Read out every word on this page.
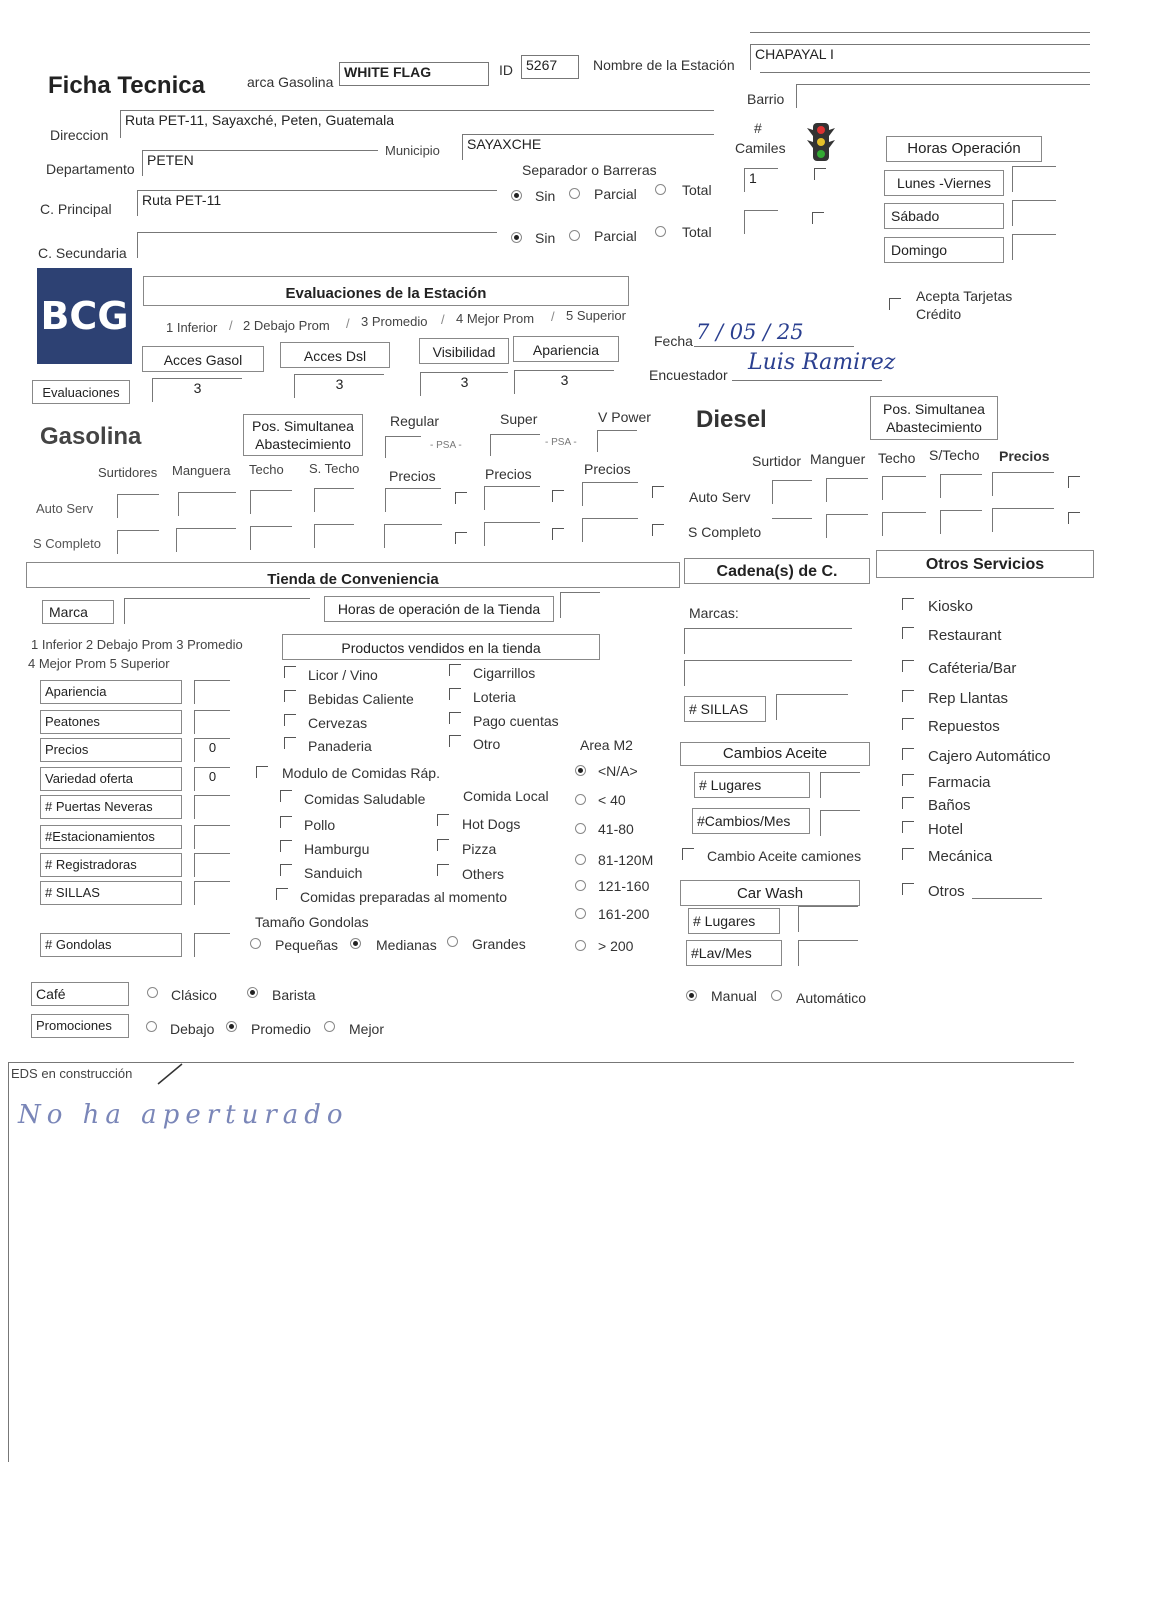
Ficha Tecnica	arca Gasolina
WHITE FLAG	ID 5267	Nombre de la Estación
CHAPAYAL I
Barrio
Direccion
Ruta PET-11, Sayaxché, Peten, Guatemala
Departamento
PETEN
Municipio	SAYAXCHE
C. Principal
Ruta PET-11
C. Secundaria
Separador o Barreras
Sin	Parcial	Total
Sin	Parcial	Total
#
Camiles
1
Horas Operación
Lunes -Viernes
Sábado
Domingo
Acepta Tarjetas Crédito
BCG
Evaluaciones de la Estación
1 Inferior / 2 Debajo Prom / 3 Promedio / 4 Mejor Prom / 5 Superior
Acces Gasol	Acces Dsl	Visibilidad	Apariencia
Evaluaciones	3	3	3	3
Fecha 7 / 05 / 25
Encuestador Luis Ramirez
Gasolina	Pos. Simultanea Abastecimiento
Surtidores Manguera Techo S. Techo
Regular	Super	V Power
- PSA -	- PSA -
Precios	Precios	Precios
Auto Serv
S Completo
Diesel	Pos. Simultanea Abastecimiento
Surtidor Manguer Techo S/Techo Precios
Auto Serv
S Completo
Tienda de Conveniencia	Cadena(s) de C.	Otros Servicios
Marca	Horas de operación de la Tienda
1 Inferior 2 Debajo Prom 3 Promedio
4 Mejor Prom 5 Superior
Apariencia
Peatones
Precios	0
Variedad oferta	0
# Puertas Neveras
#Estacionamientos
# Registradoras
# SILLAS
# Gondolas
Productos vendidos en la tienda
Licor / Vino
Bebidas Caliente
Cervezas
Panaderia
Cigarrillos
Loteria
Pago cuentas
Otro
Modulo de Comidas Ráp.
Comida Local
Comidas Saludable
Pollo
Hamburgu
Sanduich
Hot Dogs
Pizza
Others
Comidas preparadas al momento
Area M2
<N/A>
< 40
41-80
81-120M
121-160
161-200
> 200
Tamaño Gondolas
Pequeñas	Medianas	Grandes
Café	Clásico	Barista
Promociones	Debajo	Promedio	Mejor
Marcas:
# SILLAS
Cambios Aceite
# Lugares
#Cambios/Mes
Cambio Aceite camiones
Car Wash
# Lugares
#Lav/Mes
Manual	Automático
Kiosko
Restaurant
Caféteria/Bar
Rep Llantas
Repuestos
Cajero Automático
Farmacia
Baños
Hotel
Mecánica
Otros
EDS en construcción
No ha aperturado
